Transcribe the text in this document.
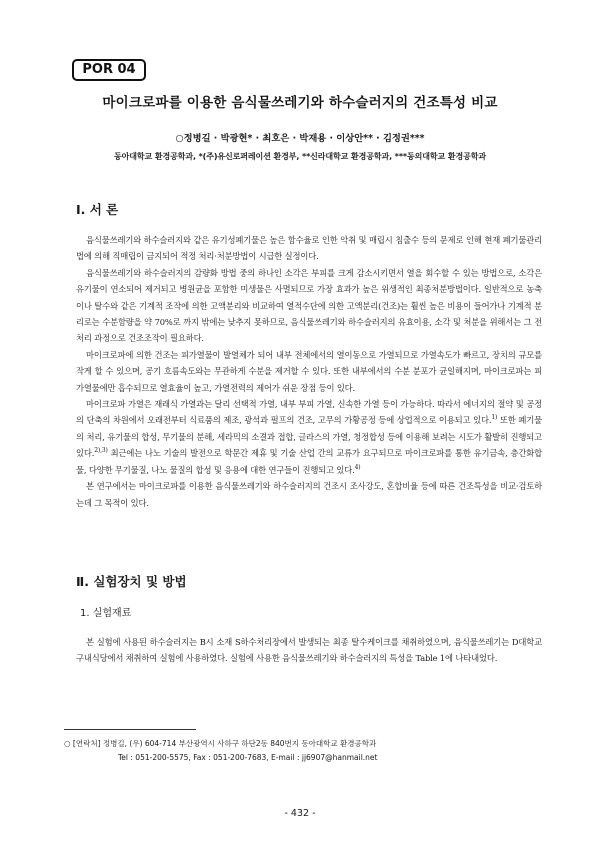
POR 04
마이크로파를 이용한 음식물쓰레기와 하수슬러지의 건조특성 비교
○정병길 · 박광현* · 최호은 · 박재용 · 이상안** · 김정권***
동아대학교 환경공학과, *(주)유신로퍼레이션 환경부, **신라대학교 환경공학과, ***동의대학교 환경공학과
Ⅰ. 서 론

음식물쓰레기와 하수슬러지와 같은 유기성폐기물은 높은 함수율로 인한 악취 및 매립시 침출수 등의 문제로 인해 현재 폐기물관리법에 의해 직매립이 금지되어 적정 처리·처분방법이 시급한 실정이다.

음식물쓰레기와 하수슬러지의 감량화 방법 중의 하나인 소각은 부피를 크게 감소시키면서 열을 회수할 수 있는 방법으로, 소각은 유기물이 연소되어 제거되고 병원균을 포함한 미생물은 사멸되므로 가장 효과가 높은 위생적인 최종처분방법이다. 일반적으로 농축이나 탈수와 같은 기계적 조작에 의한 고액분리와 비교하여 열적수단에 의한 고액분리(건조)는 훨씬 높은 비용이 들어가나 기계적 분리로는 수분함량을 약 70%로 까지 밖에는 낮추지 못하므로, 음식물쓰레기와 하수슬러지의 유효이용, 소각 및 처분을 위해서는 그 전처리 과정으로 건조조작이 필요하다.

마이크로파에 의한 건조는 피가열물이 발열체가 되어 내부 전체에서의 열이동으로 가열되므로 가열속도가 빠르고, 장치의 규모를 작게 할 수 있으며, 공기 흐름속도와는 무관하게 수분을 제거할 수 있다. 또한 내부에서의 수분 분포가 균일해지며, 마이크로파는 피가열물에만 흡수되므로 열효율이 높고, 가열전력의 제어가 쉬운 장점 등이 있다.

마이크로파 가열은 재래식 가열과는 달리 선택적 가열, 내부 부피 가열, 신속한 가열 등이 가능하다. 따라서 에너지의 절약 및 공정의 단축의 차원에서 오래전부터 식료품의 제조, 광석과 펄프의 건조, 고무의 가황공정 등에 상업적으로 이용되고 있다.$^{1)}$ 또한 폐기물의 처리, 유기물의 합성, 무기물의 분해, 세라믹의 소결과 접합, 글라스의 가열, 청정합성 등에 이용해 보려는 시도가 활발히 진행되고 있다.$^{2),3)}$ 최근에는 나노 기술의 발전으로 학문간 제휴 및 기술 산업 간의 교류가 요구되므로 마이크로파를 통한 유기금속, 층간화합물, 다양한 무기물질, 나노 물질의 합성 및 응용에 대한 연구들이 진행되고 있다.$^{4)}$

본 연구에서는 마이크로파를 이용한 음식물쓰레기와 하수슬러지의 건조시 조사강도, 혼합비율 등에 따른 건조특성을 비교·검토하는데 그 목적이 있다.

Ⅱ. 실험장치 및 방법
1. 실험재료

본 실험에 사용된 하수슬러지는 B시 소재 S하수처리장에서 발생되는 최종 탈수케이크를 채취하였으며, 음식물쓰레기는 D대학교 구내식당에서 채취하여 실험에 사용하였다. 실험에 사용한 음식물쓰레기와 하수슬러지의 특성을 Table 1에 나타내었다.

○ [연락처] 정병길, (우) 604-714 부산광역시 사하구 하단2동 840번지 동아대학교 환경공학과
Tel : 051-200-5575, Fax : 051-200-7683, E-mail : jj6907@hanmail.net
- 432 -
